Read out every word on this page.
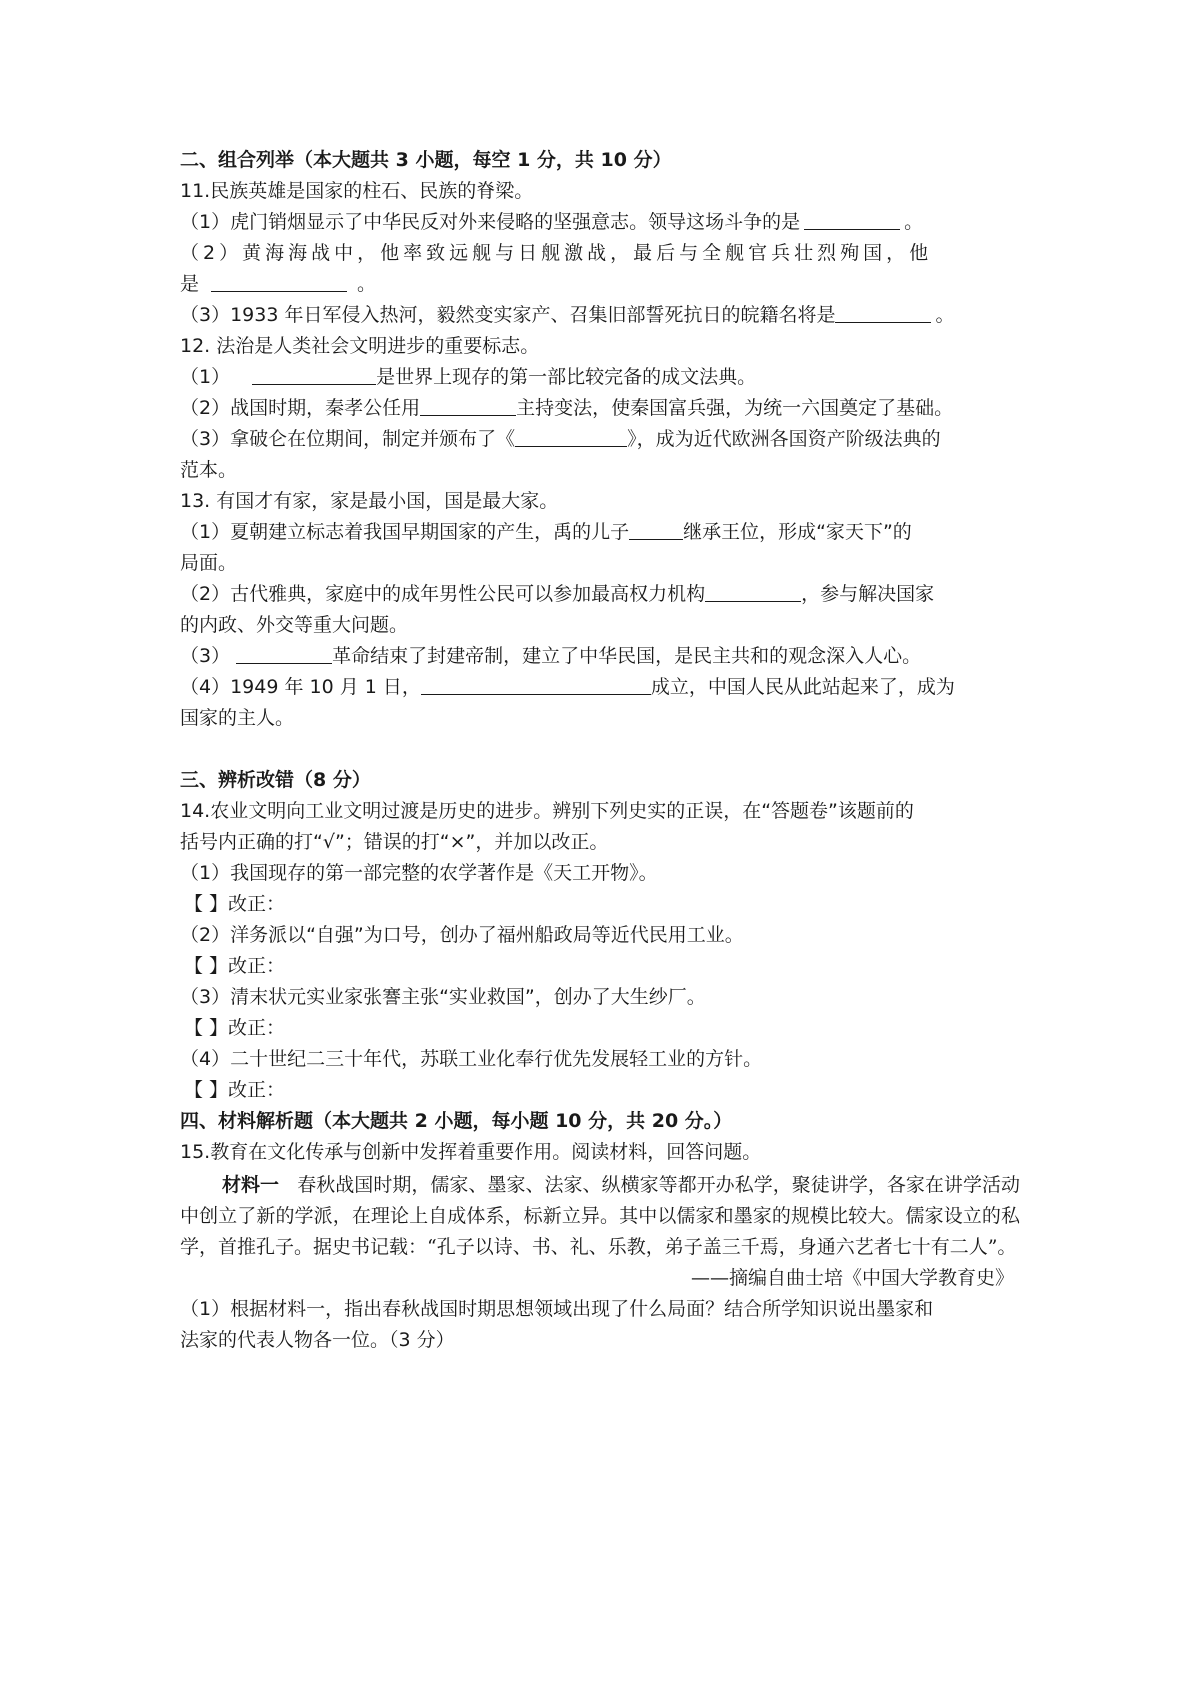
二、组合列举（本大题共 3 小题，每空 1 分，共 10 分）
11.民族英雄是国家的柱石、民族的脊梁。
（1）虎门销烟显示了中华民反对外来侵略的坚强意志。领导这场斗争的是	。
（2）黄海海战中，他率致远舰与日舰激战，最后与全舰官兵壮烈殉国，他
是	。
（3）1933 年日军侵入热河，毅然变实家产、召集旧部誓死抗日的皖籍名将是	。
12. 法治是人类社会文明进步的重要标志。
（1）	是世界上现存的第一部比较完备的成文法典。
（2）战国时期，秦孝公任用	主持变法，使秦国富兵强，为统一六国奠定了基础。
（3）拿破仑在位期间，制定并颁布了《	》，成为近代欧洲各国资产阶级法典的
范本。
13. 有国才有家，家是最小国，国是最大家。
（1）夏朝建立标志着我国早期国家的产生，禹的儿子	继承王位，形成“家天下”的
局面。
（2）古代雅典，家庭中的成年男性公民可以参加最高权力机构	，参与解决国家
的内政、外交等重大问题。
（3）	革命结束了封建帝制，建立了中华民国，是民主共和的观念深入人心。
（4）1949 年 10 月 1 日，	成立，中国人民从此站起来了，成为
国家的主人。
三、辨析改错（8 分）
14.农业文明向工业文明过渡是历史的进步。辨别下列史实的正误，在“答题卷”该题前的
括号内正确的打“√”；错误的打“×”，并加以改正。
（1）我国现存的第一部完整的农学著作是《天工开物》。
【 】改正：
（2）洋务派以“自强”为口号，创办了福州船政局等近代民用工业。
【 】改正：
（3）清末状元实业家张謇主张“实业救国”，创办了大生纱厂。
【 】改正：
（4）二十世纪二三十年代，苏联工业化奉行优先发展轻工业的方针。
【 】改正：
四、材料解析题（本大题共 2 小题，每小题 10 分，共 20 分。）
15.教育在文化传承与创新中发挥着重要作用。阅读材料，回答问题。
材料一 春秋战国时期，儒家、墨家、法家、纵横家等都开办私学，聚徒讲学，各家在讲学活动中创立了新的学派，在理论上自成体系，标新立异。其中以儒家和墨家的规模比较大。儒家设立的私学，首推孔子。据史书记载：“孔子以诗、书、礼、乐教，弟子盖三千焉，身通六艺者七十有二人”。
——摘编自曲士培《中国大学教育史》
（1）根据材料一，指出春秋战国时期思想领域出现了什么局面？结合所学知识说出墨家和
法家的代表人物各一位。（3 分）
